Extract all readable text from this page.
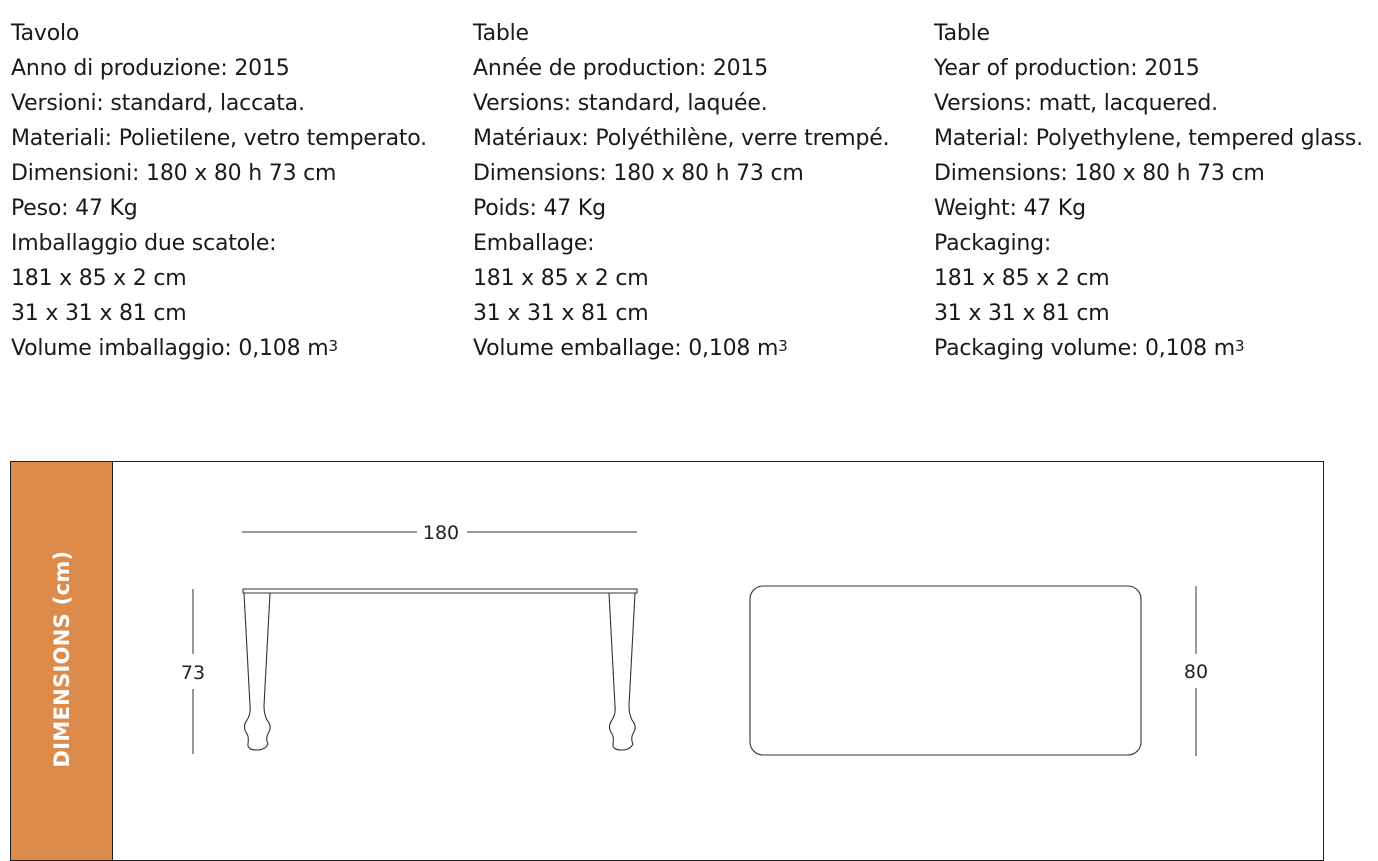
Tavolo
Anno di produzione: 2015
Versioni: standard, laccata.
Materiali: Polietilene, vetro temperato.
Dimensioni: 180 x 80 h 73 cm
Peso: 47 Kg
Imballaggio due scatole:
181 x 85 x 2 cm
31 x 31 x 81 cm
Volume imballaggio: 0,108 $m^3$
Table
Année de production: 2015
Versions: standard, laquée.
Matériaux: Polyéthilène, verre trempé.
Dimensions: 180 x 80 h 73 cm
Poids: 47 Kg
Emballage:
181 x 85 x 2 cm
31 x 31 x 81 cm
Volume emballage: 0,108 $m^3$
Table
Year of production: 2015
Versions: matt, lacquered.
Material: Polyethylene, tempered glass.
Dimensions: 180 x 80 h 73 cm
Weight: 47 Kg
Packaging:
181 x 85 x 2 cm
31 x 31 x 81 cm
Packaging volume: 0,108 $m^3$
DIMENSIONS (cm)
180
73	80
